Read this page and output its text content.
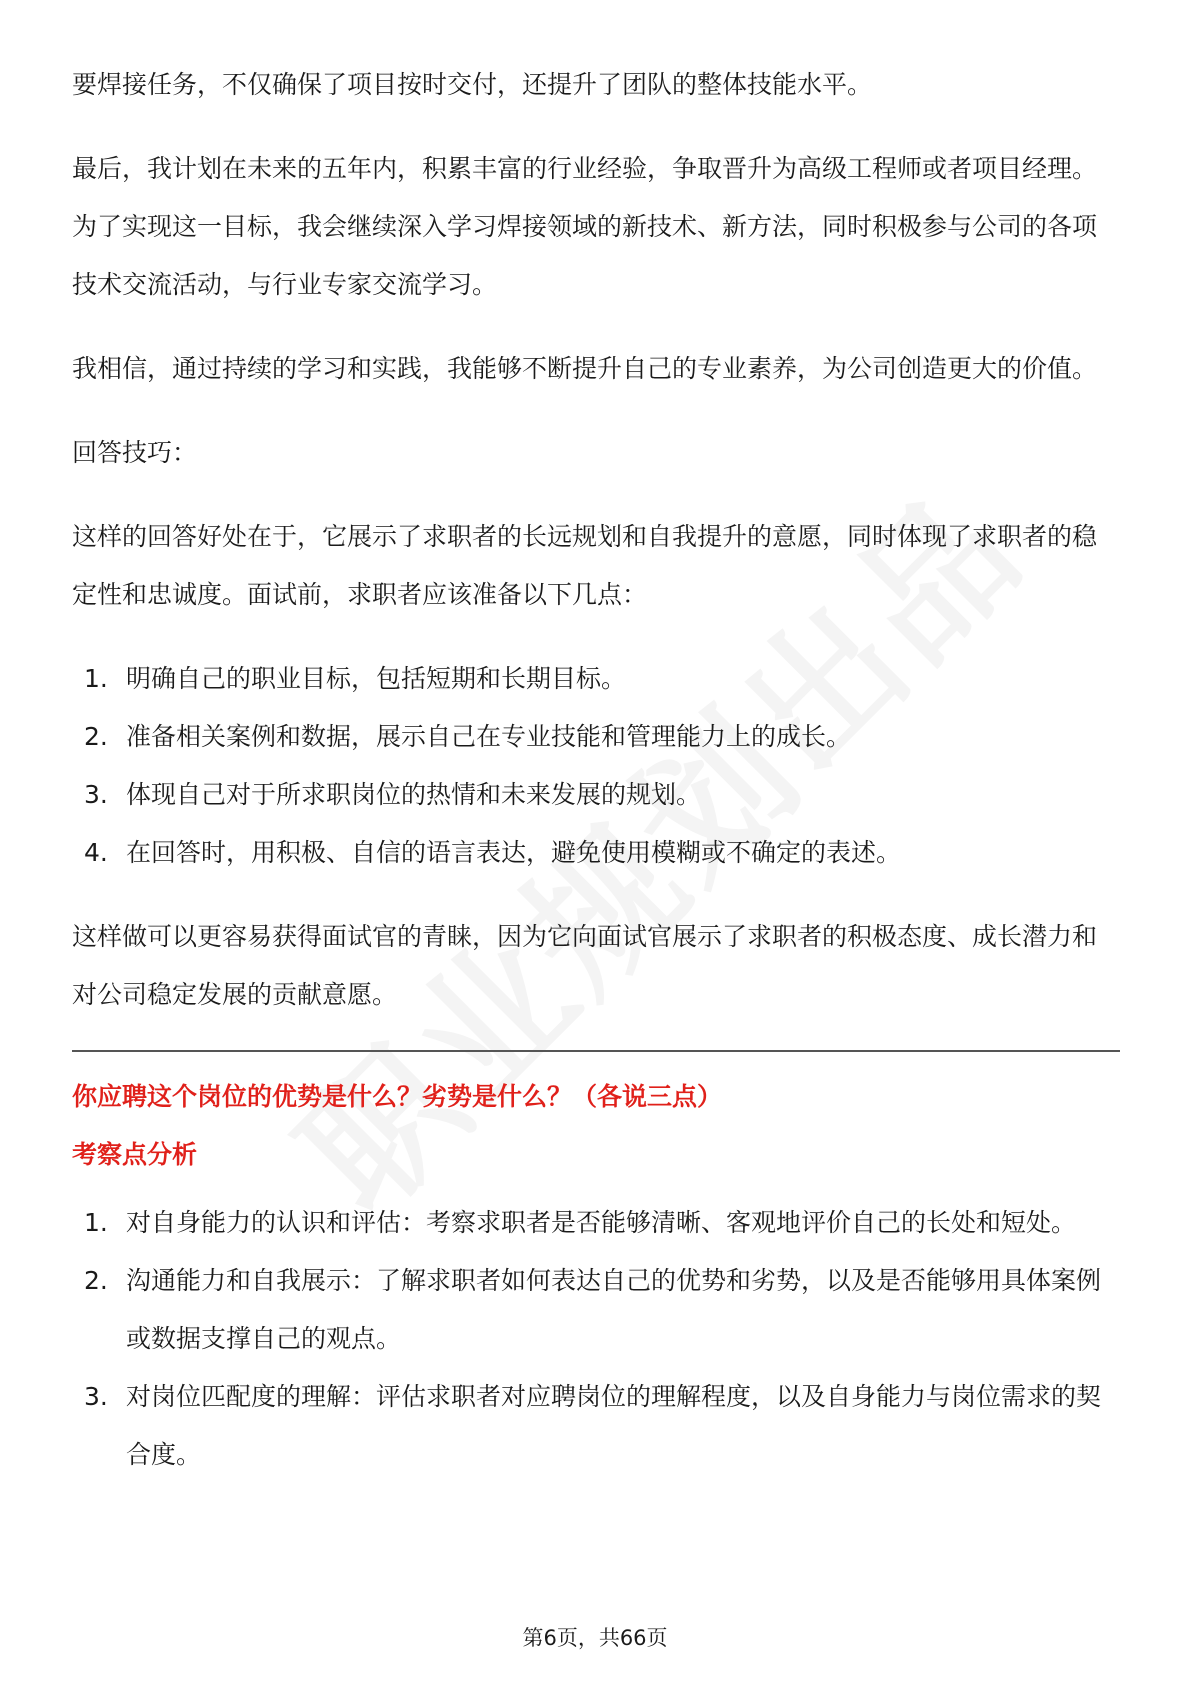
要焊接任务，不仅确保了项目按时交付，还提升了团队的整体技能水平。

最后，我计划在未来的五年内，积累丰富的行业经验，争取晋升为高级工程师或者项目经理。为了实现这一目标，我会继续深入学习焊接领域的新技术、新方法，同时积极参与公司的各项技术交流活动，与行业专家交流学习。

我相信，通过持续的学习和实践，我能够不断提升自己的专业素养，为公司创造更大的价值。

回答技巧：

这样的回答好处在于，它展示了求职者的长远规划和自我提升的意愿，同时体现了求职者的稳定性和忠诚度。面试前，求职者应该准备以下几点：

1. 明确自己的职业目标，包括短期和长期目标。
2. 准备相关案例和数据，展示自己在专业技能和管理能力上的成长。
3. 体现自己对于所求职岗位的热情和未来发展的规划。
4. 在回答时，用积极、自信的语言表达，避免使用模糊或不确定的表述。

这样做可以更容易获得面试官的青睐，因为它向面试官展示了求职者的积极态度、成长潜力和对公司稳定发展的贡献意愿。

你应聘这个岗位的优势是什么？劣势是什么？（各说三点）

考察点分析

1. 对自身能力的认识和评估：考察求职者是否能够清晰、客观地评价自己的长处和短处。
2. 沟通能力和自我展示：了解求职者如何表达自己的优势和劣势，以及是否能够用具体案例或数据支撑自己的观点。
3. 对岗位匹配度的理解：评估求职者对应聘岗位的理解程度，以及自身能力与岗位需求的契合度。
第6页，共66页
